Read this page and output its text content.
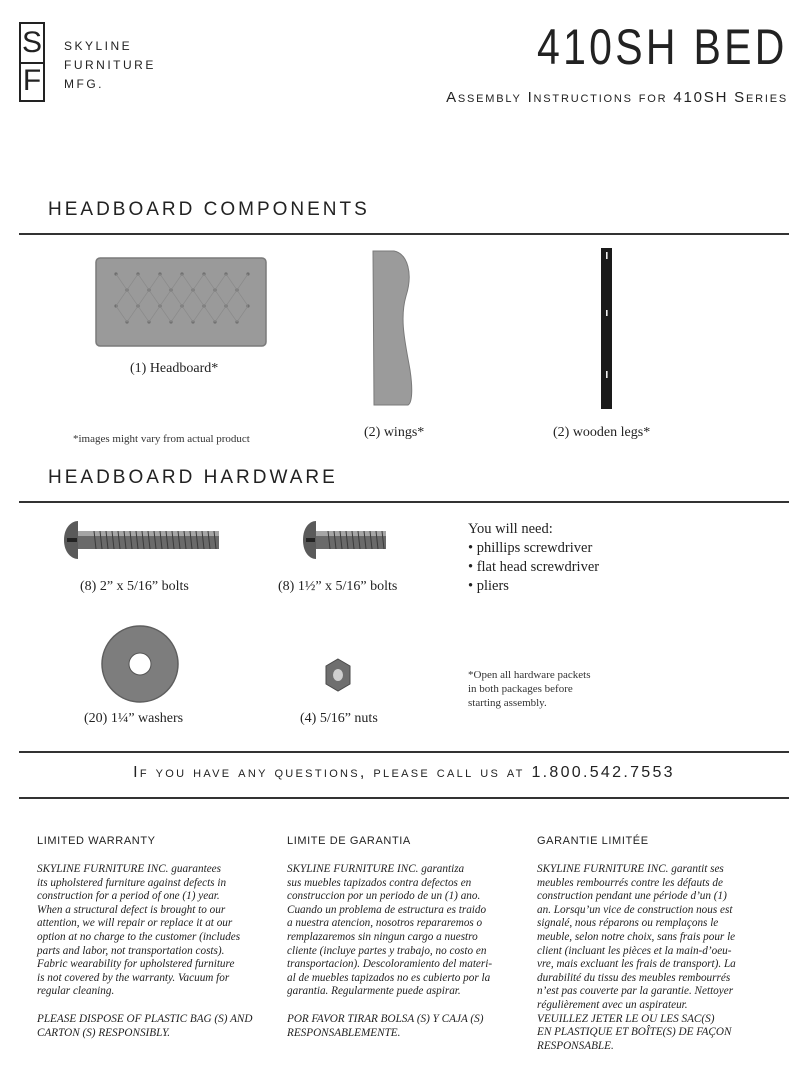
S
F
SKYLINE
FURNITURE
MFG.
410SH BED
Assembly Instructions for 410SH Series
HEADBOARD COMPONENTS
(1) Headboard*
*images might vary from actual product	(2) wings*	(2) wooden legs*
HEADBOARD HARDWARE
(8) 2” x 5/16” bolts	(8) 1½” x 5/16” bolts
You will need:
• phillips screwdriver
• flat head screwdriver
• pliers
(20) 1¼” washers	(4) 5/16” nuts
*Open all hardware packets
in both packages before
starting assembly.
If you have any questions, please call us at 1.800.542.7553
LIMITED WARRANTY

SKYLINE FURNITURE INC. guarantees
its upholstered furniture against defects in
construction for a period of one (1) year.
When a structural defect is brought to our
attention, we will repair or replace it at our
option at no charge to the customer (includes
parts and labor, not transportation costs).
Fabric wearability for upholstered furniture
is not covered by the warranty. Vacuum for
regular cleaning.

PLEASE DISPOSE OF PLASTIC BAG (S) AND
CARTON (S) RESPONSIBLY.

LIMITE DE GARANTIA

SKYLINE FURNITURE INC. garantiza
sus muebles tapizados contra defectos en
construccion por un periodo de un (1) ano.
Cuando un problema de estructura es traido
a nuestra atencion, nosotros repararemos o
remplazaremos sin ningun cargo a nuestro
cliente (incluye partes y trabajo, no costo en
transportacion). Descoloramiento del materi-
al de muebles tapizados no es cubierto por la
garantia. Regularmente puede aspirar.

POR FAVOR TIRAR BOLSA (S) Y CAJA (S)
RESPONSABLEMENTE.

GARANTIE LIMITÉE

SKYLINE FURNITURE INC. garantit ses
meubles rembourrés contre les défauts de
construction pendant une période d’un (1)
an. Lorsqu’un vice de construction nous est
signalé, nous réparons ou remplaçons le
meuble, selon notre choix, sans frais pour le
client (incluant les pièces et la main-d’oeu-
vre, mais excluant les frais de transport). La
durabilité du tissu des meubles rembourrés
n’est pas couverte par la garantie. Nettoyer
régulièrement avec un aspirateur.

VEUILLEZ JETER LE OU LES SAC(S)
EN PLASTIQUE ET BOÎTE(S) DE FAÇON
RESPONSABLE.
